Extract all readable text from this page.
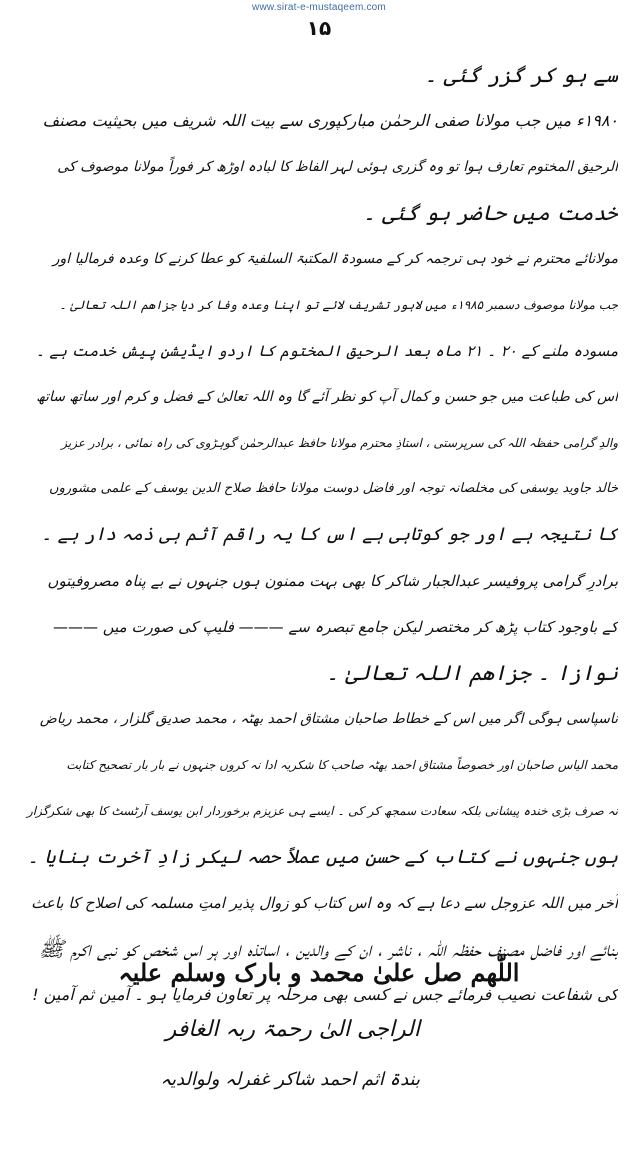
www.sirat-e-mustaqeem.com
۱۵
سے ہو کر گزر گئی ۔
۱۹۸۰ء میں جب مولانا صفی الرحمٰن مبارکپوری سے بیت اللہ شریف میں بحیثیت مصنف
الرحیق المختوم تعارف ہوا تو وہ گزری ہوئی لہر الفاظ کا لبادہ اوڑھ کر فوراً مولانا موصوف کی
خدمت میں حاضر ہو گئی ۔
مولانائے محترم نے خود ہی ترجمہ کر کے مسودۃ المکتبۃ السلفیۃ کو عطا کرنے کا وعدہ فرمالیا اور
جب مولانا موصوف دسمبر ۱۹۸۵ء میں لاہور تشریف لائے تو اپنا وعدہ وفا کر دیا جزاھم اللہ تعالیٰ ۔
مسودہ ملنے کے ۲۰ ۔ ۲۱ ماہ بعد الرحیق المختوم کا اردو ایڈیشن پیش خدمت ہے ۔
اس کی طباعت میں جو حسن و کمال آپ کو نظر آئے گا وہ اللہ تعالیٰ کے فضل و کرم اور ساتھ ساتھ
والدِ گرامی حفظہ اللہ کی سرپرستی ، استاذِ محترم مولانا حافظ عبدالرحمٰن گوہڑوی کی راہ نمائی ، برادر عزیز
خالد جاوید یوسفی کی مخلصانہ توجہ اور فاضل دوست مولانا حافظ صلاح الدین یوسف کے علمی مشوروں
کا نتیجہ ہے اور جو کوتاہی ہے اس کا یہ راقم آثم ہی ذمہ دار ہے ۔
برادرِ گرامی پروفیسر عبدالجبار شاکر کا بھی بہت ممنون ہوں جنہوں نے بے پناہ مصروفیتوں
کے باوجود کتاب پڑھ کر مختصر لیکن جامع تبصرہ سے ——— فلیپ کی صورت میں ———
نوازا ۔ جزاھم اللہ تعالیٰ ۔
ناسپاسی ہوگی اگر میں اس کے خطاط صاحبان مشتاق احمد بھٹہ ، محمد صدیق گلزار ، محمد ریاض
محمد الیاس صاحبان اور خصوصاً مشتاق احمد بھٹہ صاحب کا شکریہ ادا نہ کروں جنہوں نے بار بار تصحیح کتابت
نہ صرف بڑی خندہ پیشانی بلکہ سعادت سمجھ کر کی ۔ ایسے ہی عزیزم برخوردار ابن یوسف آرٹسٹ کا بھی شکرگزار
ہوں جنہوں نے کتاب کے حسن میں عملاً حصہ لیکر زادِ آخرت بنایا ۔
آخر میں اللہ عزوجل سے دعا ہے کہ وہ اس کتاب کو زوال پذیر امتِ مسلمہ کی اصلاح کا باعث
بنائے اور فاضل مصنف حفظہ اللہ ، ناشر ، ان کے والدین ، اساتذہ اور ہر اس شخص کو نبی اکرم ﷺ
کی شفاعت نصیب فرمائے جس نے کسی بھی مرحلہ پر تعاون فرمایا ہو ۔ آمین ثم آمین !
اللّٰھم صل علیٰ محمد و بارک وسلم علیہ
الراجی الیٰ رحمۃ ربہ الغافر
بندۃ اثم احمد شاکر غفرلہ ولوالدیہ
